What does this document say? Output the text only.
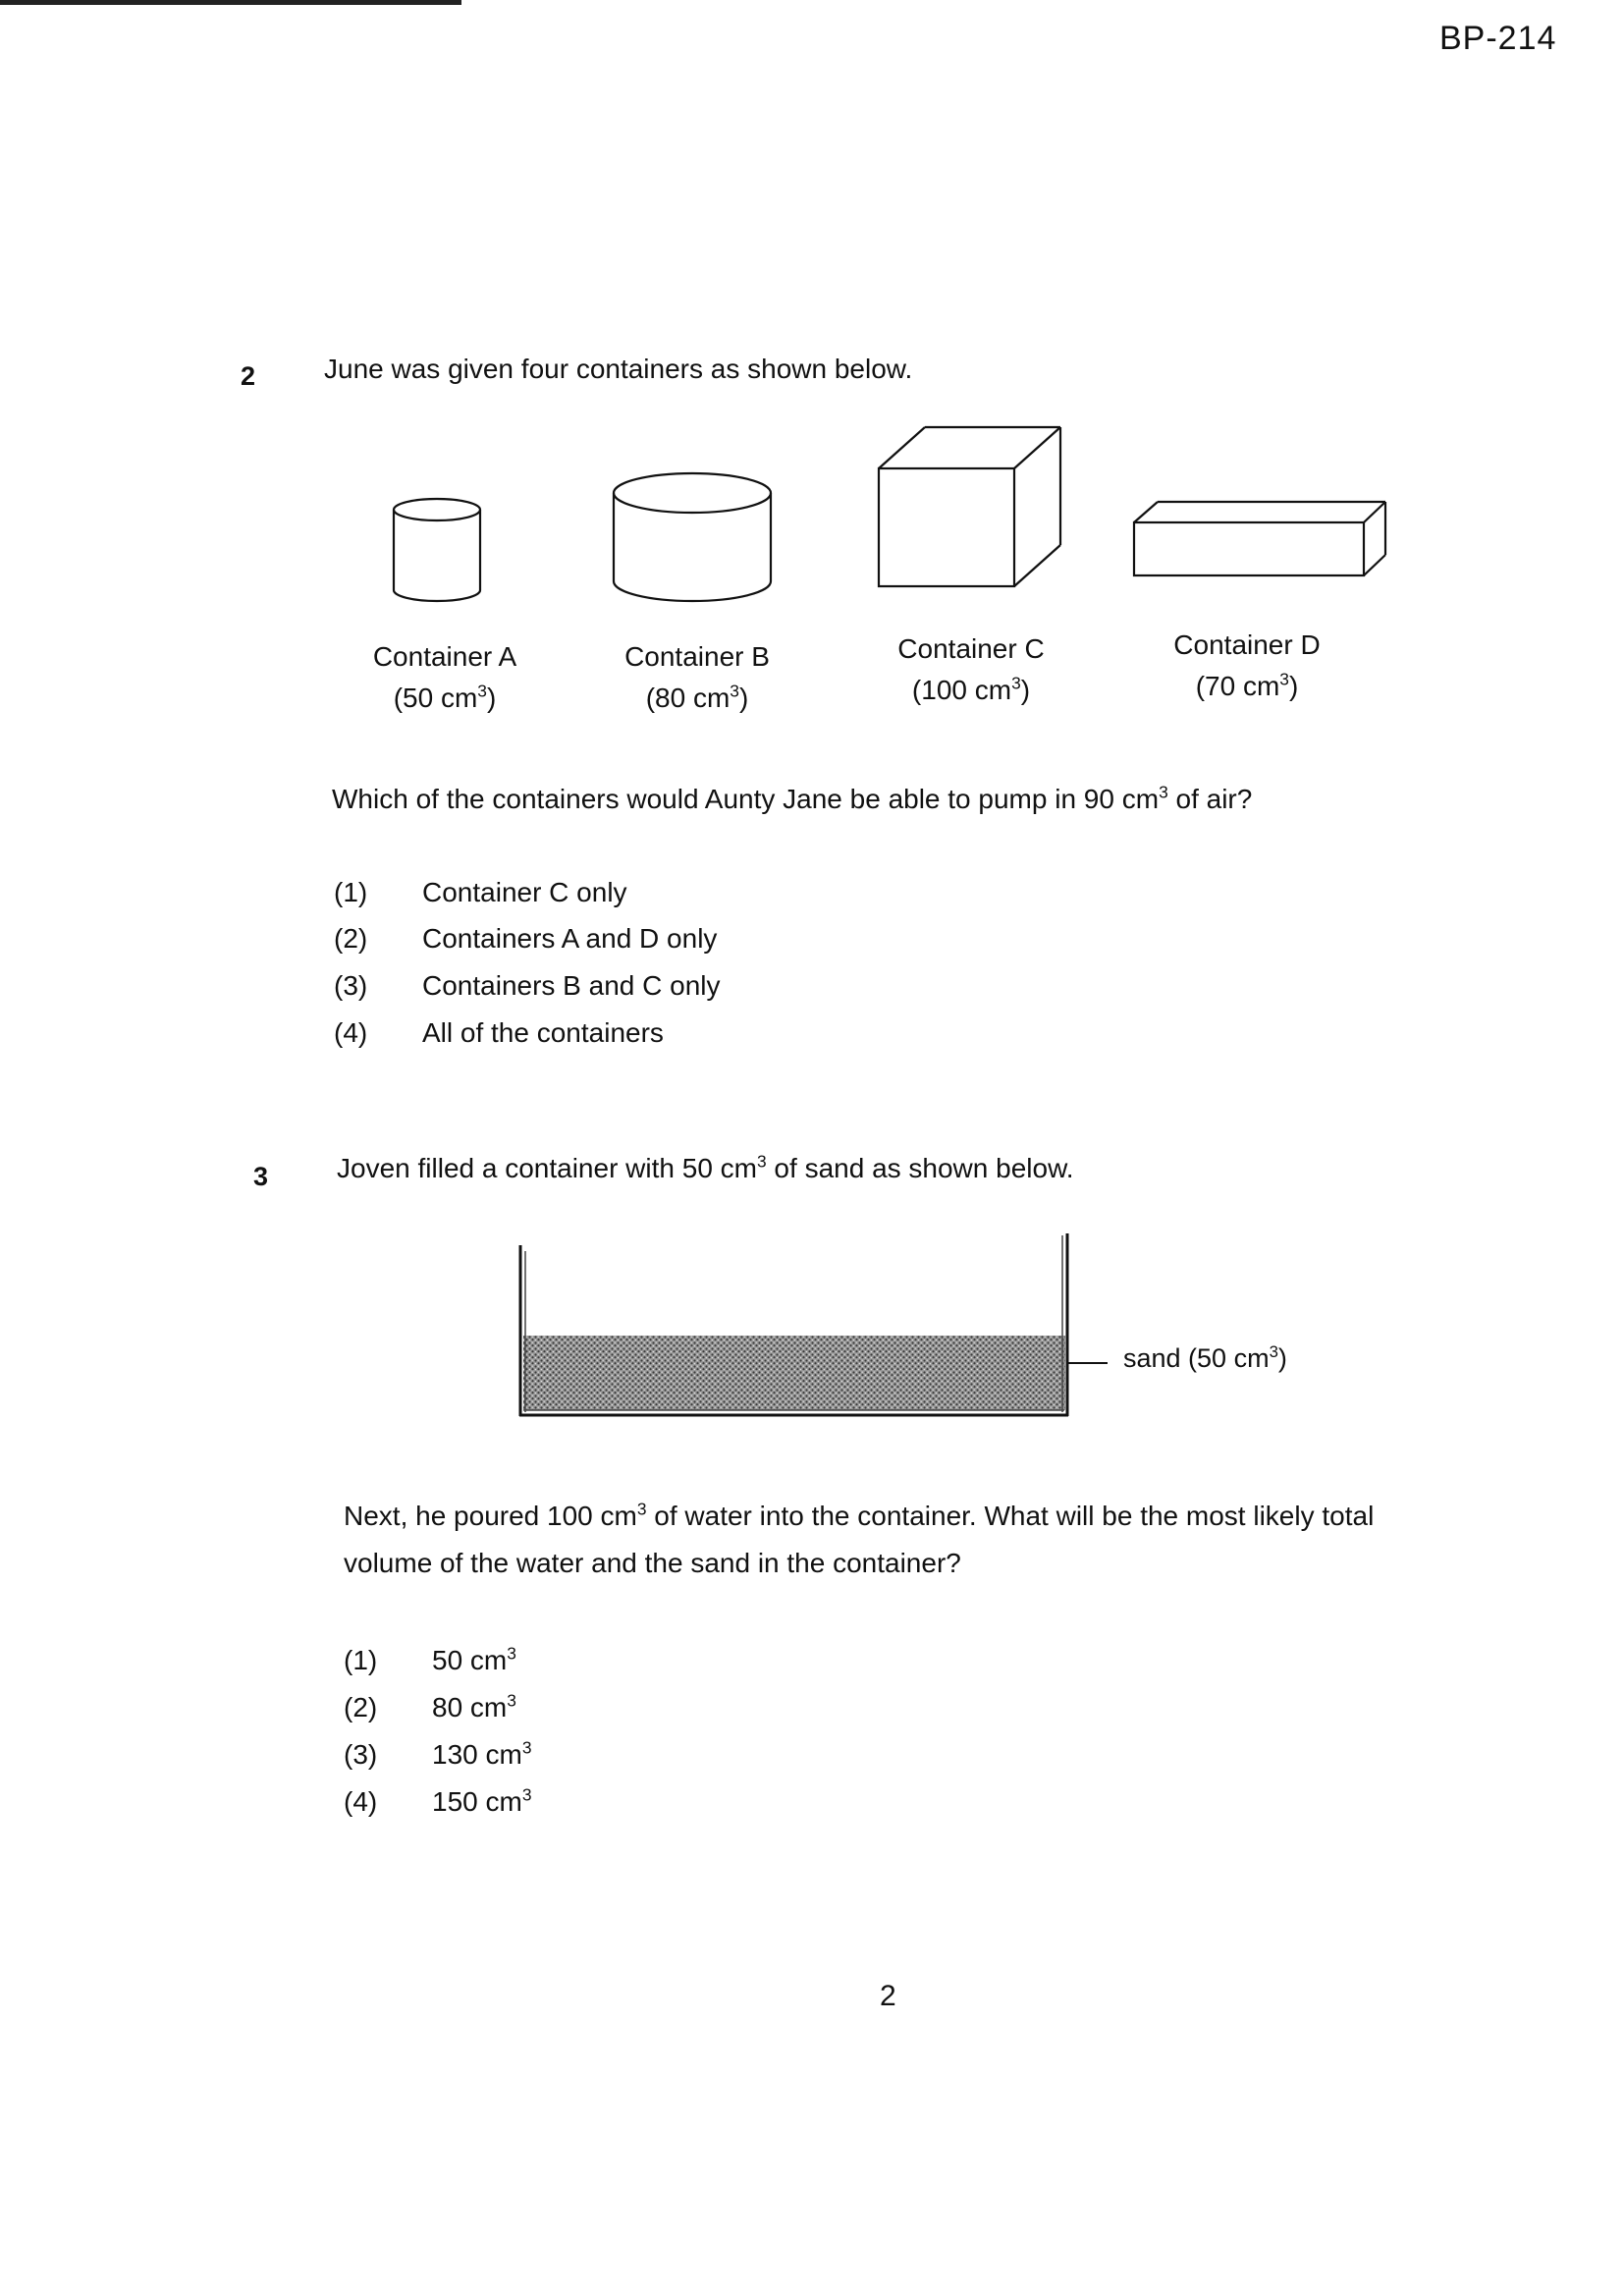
BP-214
2 June was given four containers as shown below.
Container A
(50 $cm^3$)
Container B
(80 $cm^3$)
Container C
(100 $cm^3$)
Container D
(70 $cm^3$)
Which of the containers would Aunty Jane be able to pump in 90 $cm^3$ of air?
(1) Container C only
(2) Containers A and D only
(3) Containers B and C only
(4) All of the containers
3 Joven filled a container with 50 $cm^3$ of sand as shown below.
sand (50 $cm^3$)
Next, he poured 100 $cm^3$ of water into the container. What will be the most likely total
volume of the water and the sand in the container?
(1) 50 $cm^3$
(2) 80 $cm^3$
(3) 130 $cm^3$
(4) 150 $cm^3$
2
